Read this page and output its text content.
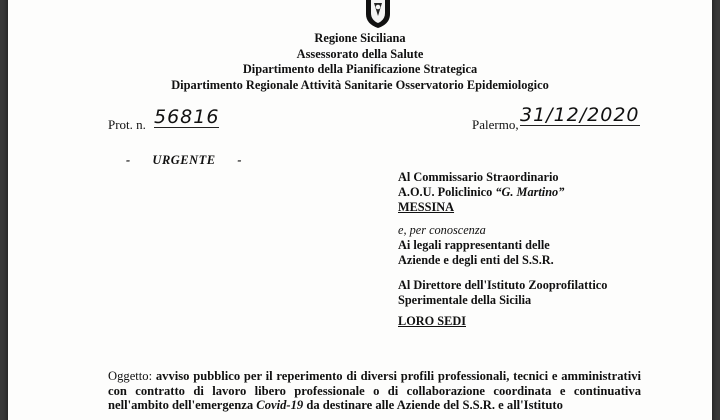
Regione Siciliana
Assessorato della Salute
Dipartimento della Pianificazione Strategica
Dipartimento Regionale Attività Sanitarie Osservatorio Epidemiologico
Prot. n. 56816	Palermo, 31/12/2020
-      URGENTE      -
Al Commissario Straordinario
A.O.U. Policlinico “G. Martino”
MESSINA
e, per conoscenza
Ai legali rappresentanti delle
Aziende e degli enti del S.S.R.
Al Direttore dell'Istituto Zooprofilattico
Sperimentale della Sicilia
LORO SEDI
Oggetto: avviso pubblico per il reperimento di diversi profili professionali, tecnici e amministrativi con contratto di lavoro libero professionale o di collaborazione coordinata e continuativa nell'ambito dell'emergenza Covid-19 da destinare alle Aziende del S.S.R. e all'Istituto
